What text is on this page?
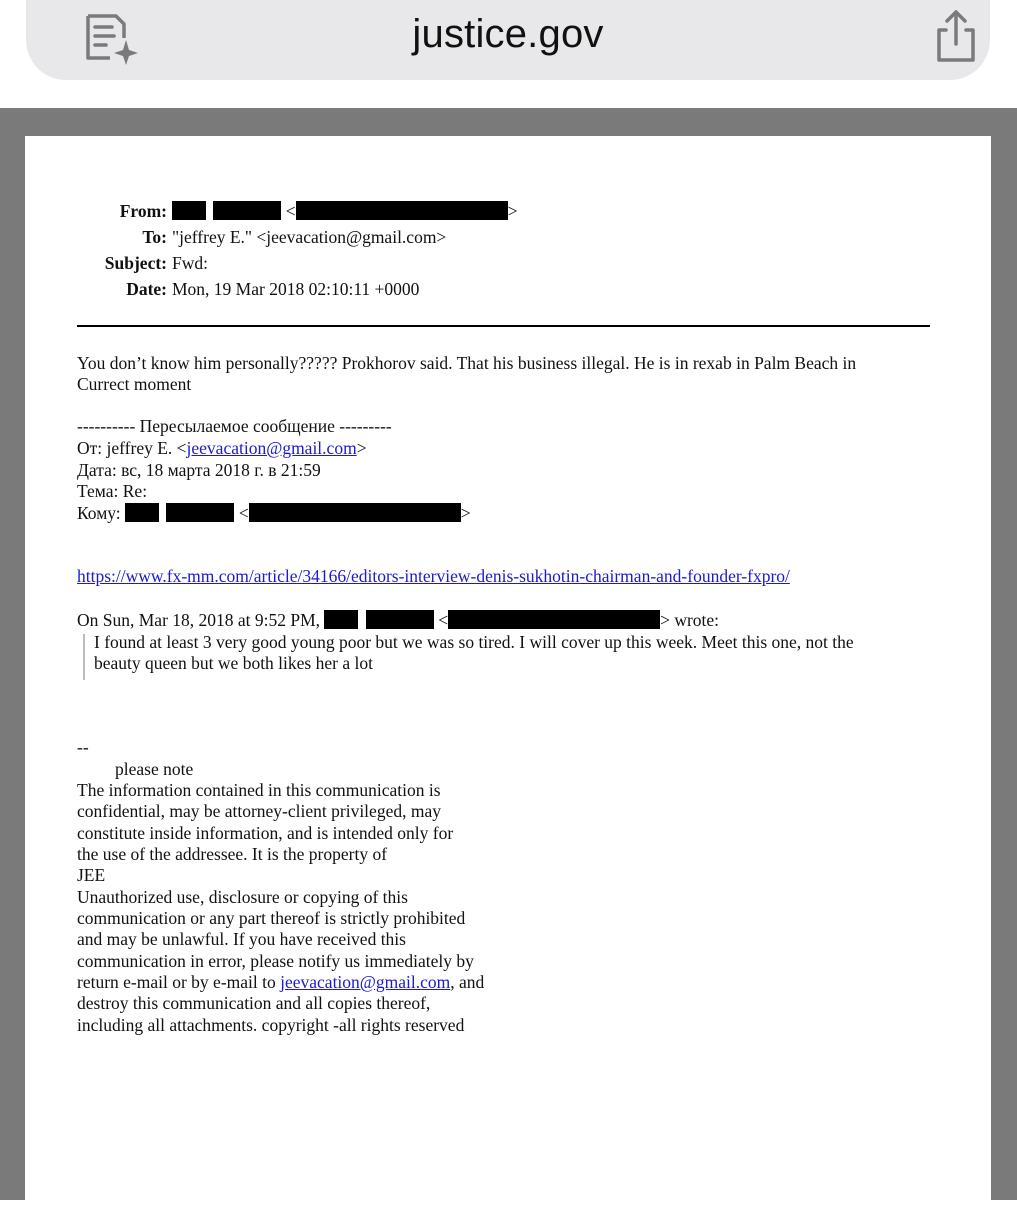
justice.gov
From:	<	>
To: "jeffrey E." <jeevacation@gmail.com>
Subject: Fwd:
Date: Mon, 19 Mar 2018 02:10:11 +0000
You don’t know him personally????? Prokhorov said. That his business illegal. He is in rexab in Palm Beach in
Currect moment
---------- Пересылаемое сообщение ---------
От: jeffrey E. <jeevacation@gmail.com>
Дата: вс, 18 марта 2018 г. в 21:59
Тема: Re:
Кому:	<	>
https://www.fx-mm.com/article/34166/editors-interview-denis-sukhotin-chairman-and-founder-fxpro/
On Sun, Mar 18, 2018 at 9:52 PM,	<	> wrote:
I found at least 3 very good young poor but we was so tired. I will cover up this week. Meet this one, not the
beauty queen but we both likes her a lot
--
please note
The information contained in this communication is
confidential, may be attorney-client privileged, may
constitute inside information, and is intended only for
the use of the addressee. It is the property of
JEE
Unauthorized use, disclosure or copying of this
communication or any part thereof is strictly prohibited
and may be unlawful. If you have received this
communication in error, please notify us immediately by
return e-mail or by e-mail to jeevacation@gmail.com, and
destroy this communication and all copies thereof,
including all attachments. copyright -all rights reserved
